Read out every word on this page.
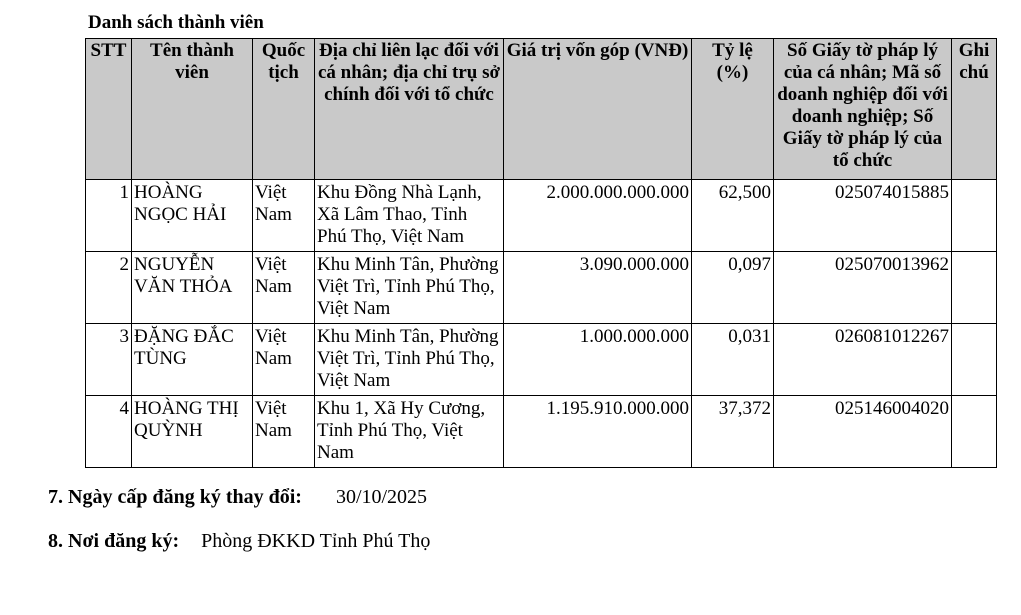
Danh sách thành viên
STT	Tên thành viên	Quốc tịch	Địa chỉ liên lạc đối với cá nhân; địa chỉ trụ sở chính đối với tổ chức	Giá trị vốn góp (VNĐ)	Tỷ lệ (%)	Số Giấy tờ pháp lý của cá nhân; Mã số doanh nghiệp đối với doanh nghiệp; Số Giấy tờ pháp lý của tổ chức	Ghi chú
1	HOÀNG NGỌC HẢI	Việt Nam	Khu Đồng Nhà Lạnh, Xã Lâm Thao, Tỉnh Phú Thọ, Việt Nam	2.000.000.000.000	62,500	025074015885	
2	NGUYỄN VĂN THỎA	Việt Nam	Khu Minh Tân, Phường Việt Trì, Tỉnh Phú Thọ, Việt Nam	3.090.000.000	0,097	025070013962	
3	ĐẶNG ĐẮC TÙNG	Việt Nam	Khu Minh Tân, Phường Việt Trì, Tỉnh Phú Thọ, Việt Nam	1.000.000.000	0,031	026081012267	
4	HOÀNG THỊ QUỲNH	Việt Nam	Khu 1, Xã Hy Cương, Tỉnh Phú Thọ, Việt Nam	1.195.910.000.000	37,372	025146004020	
7. Ngày cấp đăng ký thay đổi: 30/10/2025
8. Nơi đăng ký: Phòng ĐKKD Tỉnh Phú Thọ
